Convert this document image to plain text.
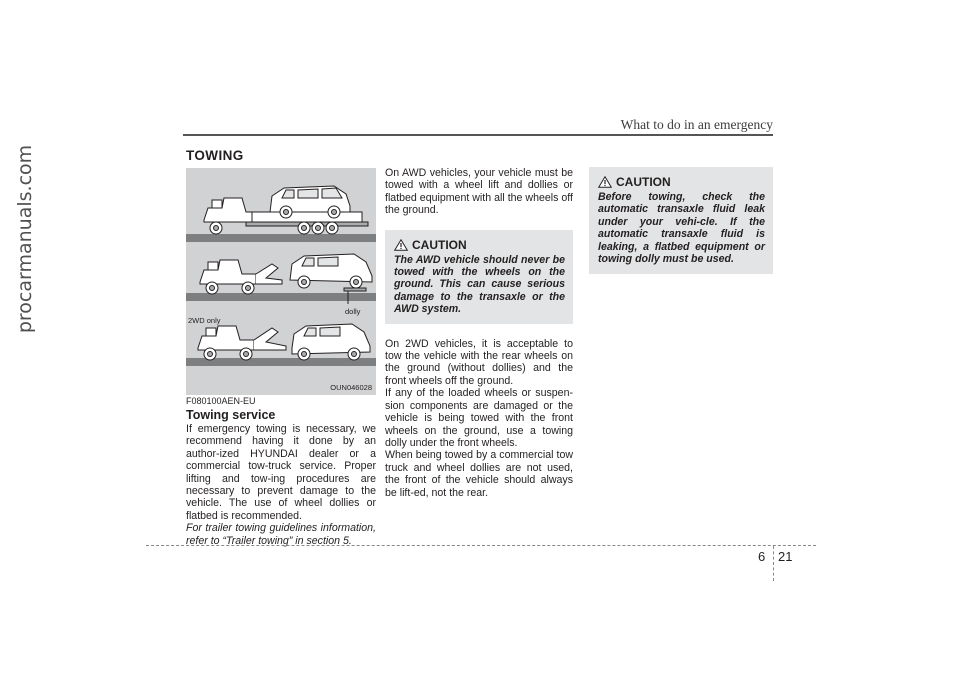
procarmanuals.com
What to do in an emergency
TOWING
dolly
2WD only
OUN046028
F080100AEN-EU
Towing service

If emergency towing is necessary, we recommend having it done by an author-ized HYUNDAI dealer or a commercial tow-truck service. Proper lifting and tow-ing procedures are necessary to prevent damage to the vehicle. The use of wheel dollies or flatbed is recommended.

For trailer towing guidelines information, refer to “Trailer towing” in section 5.

On AWD vehicles, your vehicle must be towed with a wheel lift and dollies or flatbed equipment with all the wheels off the ground.

CAUTION

The AWD vehicle should never be towed with the wheels on the ground. This can cause serious damage to the transaxle or the AWD system.

On 2WD vehicles, it is acceptable to tow the vehicle with the rear wheels on the ground (without dollies) and the front wheels off the ground.

If any of the loaded wheels or suspen-sion components are damaged or the vehicle is being towed with the front wheels on the ground, use a towing dolly under the front wheels.

When being towed by a commercial tow truck and wheel dollies are not used, the front of the vehicle should always be lift-ed, not the rear.

CAUTION

Before towing, check the automatic transaxle fluid leak under your vehi-cle. If the automatic transaxle fluid is leaking, a flatbed equipment or towing dolly must be used.

6 21
